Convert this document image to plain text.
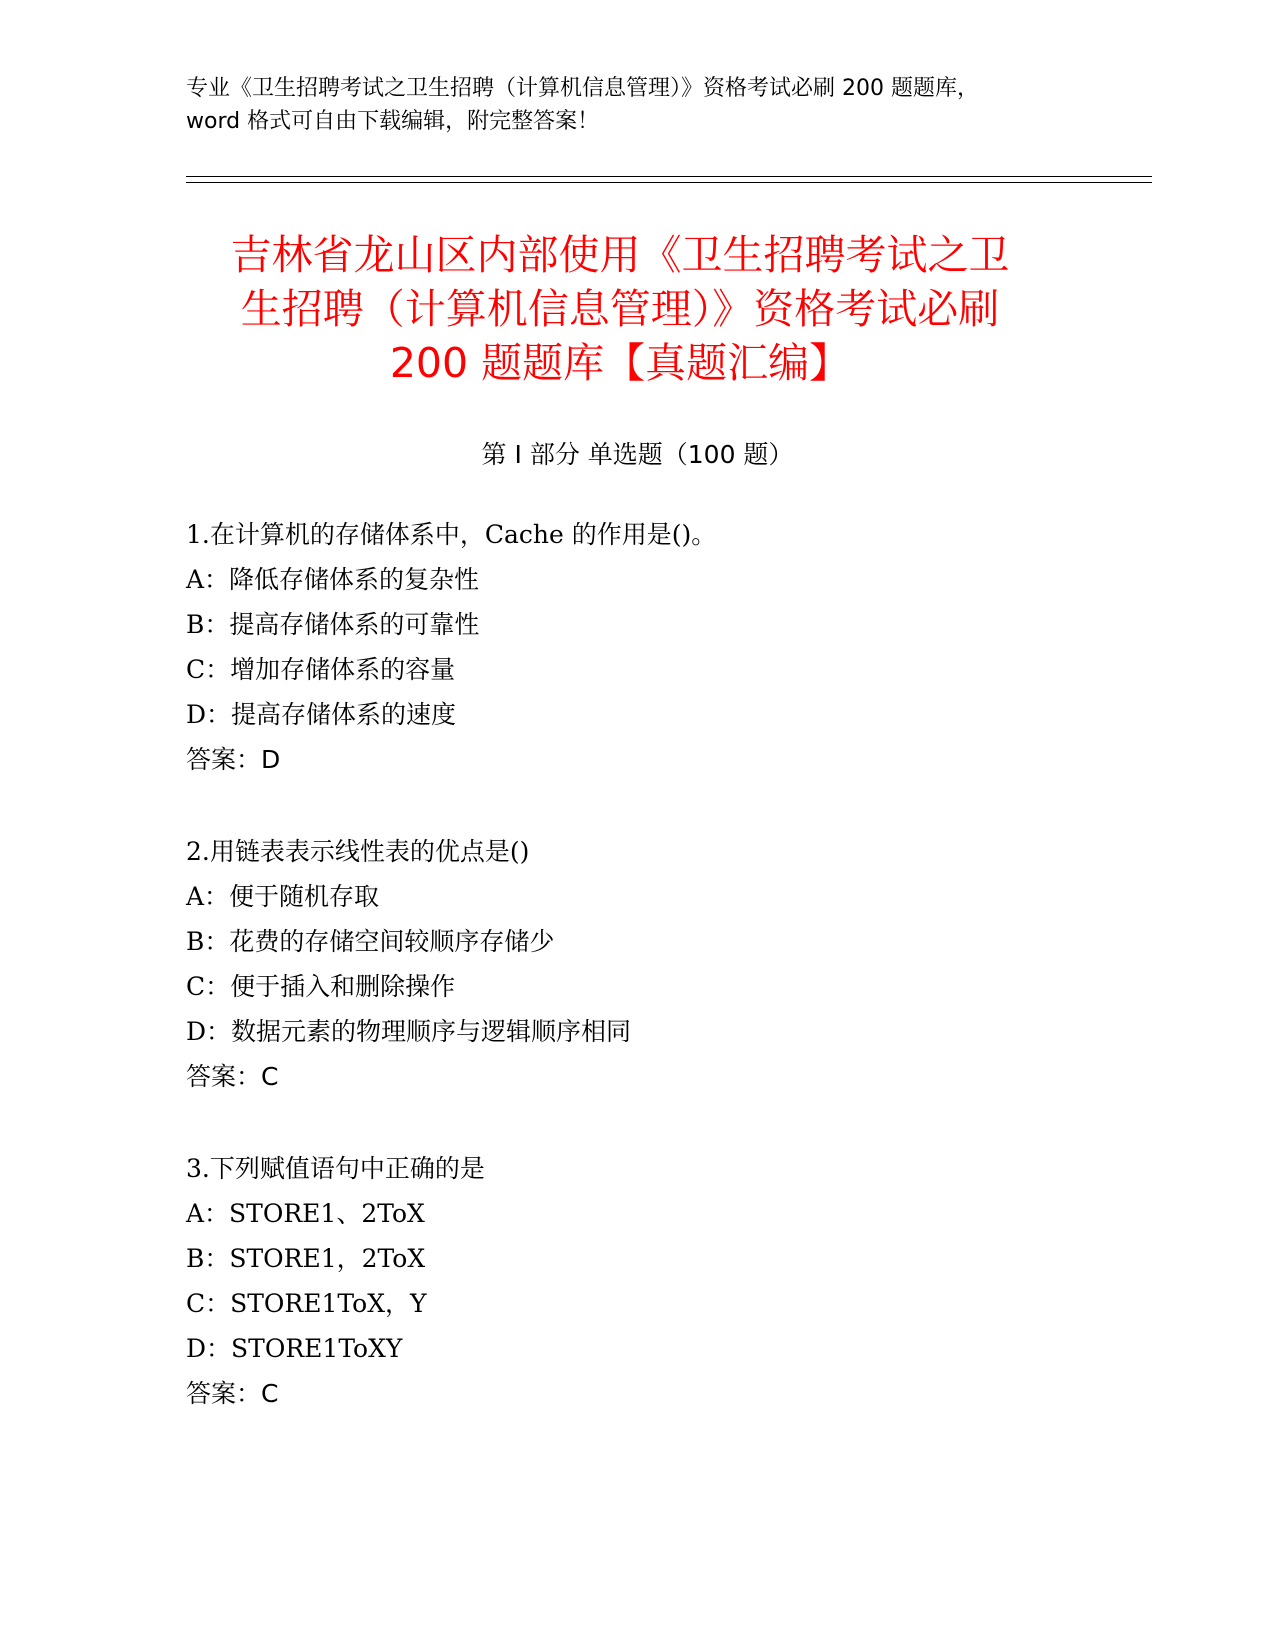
专业《卫生招聘考试之卫生招聘（计算机信息管理）》资格考试必刷 200 题题库，
word 格式可自由下载编辑，附完整答案！
吉林省龙山区内部使用《卫生招聘考试之卫
生招聘（计算机信息管理）》资格考试必刷
200 题题库【真题汇编】
第 I 部分 单选题（100 题）
1.在计算机的存储体系中，Cache 的作用是()。
A：降低存储体系的复杂性
B：提高存储体系的可靠性
C：增加存储体系的容量
D：提高存储体系的速度
答案：D
2.用链表表示线性表的优点是()
A：便于随机存取
B：花费的存储空间较顺序存储少
C：便于插入和删除操作
D：数据元素的物理顺序与逻辑顺序相同
答案：C
3.下列赋值语句中正确的是
A：STORE1、2ToX
B：STORE1，2ToX
C：STORE1ToX，Y
D：STORE1ToXY
答案：C
